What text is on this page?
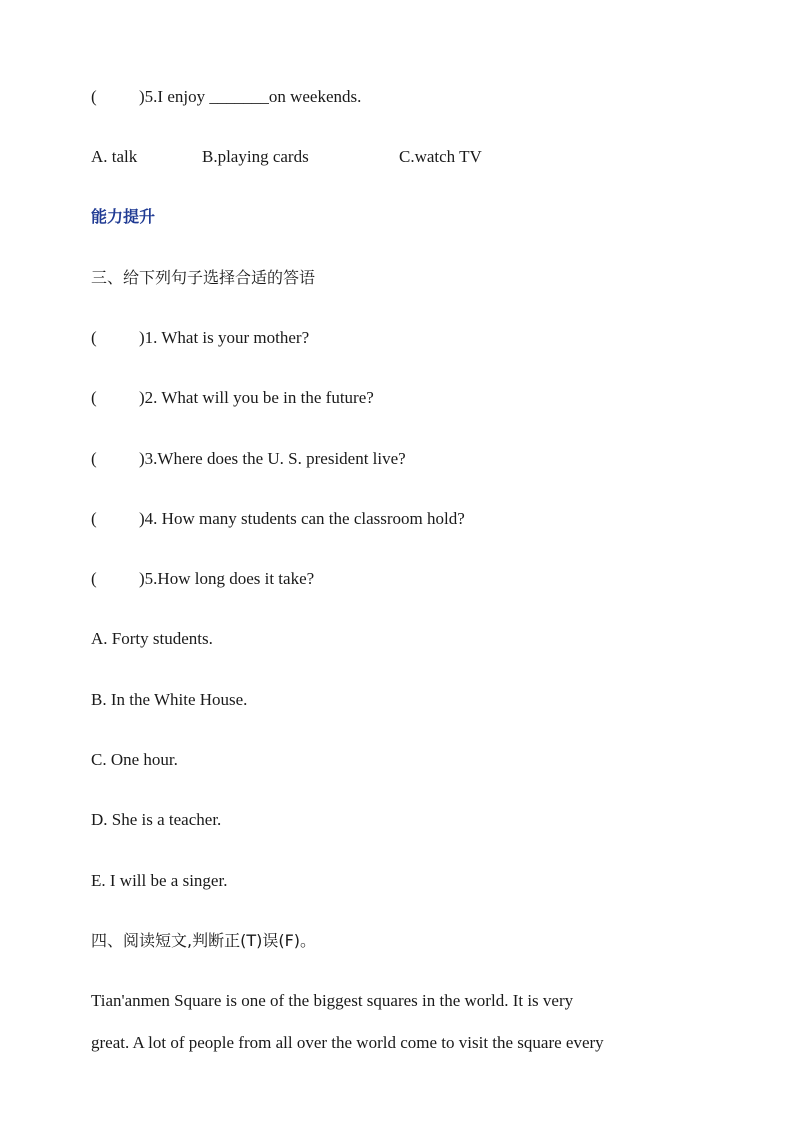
( )5.I enjoy _______on weekends.

A. talk	B.playing cards	C.watch TV

能力提升

三、给下列句子选择合适的答语

( )1. What is your mother?

( )2. What will you be in the future?

( )3.Where does the U. S. president live?

( )4. How many students can the classroom hold?

( )5.How long does it take?

A. Forty students.

B. In the White House.

C. One hour.

D. She is a teacher.

E. I will be a singer.

四、阅读短文,判断正(T)误(F)。

Tian'anmen Square is one of the biggest squares in the world. It is very

great. A lot of people from all over the world come to visit the square every
